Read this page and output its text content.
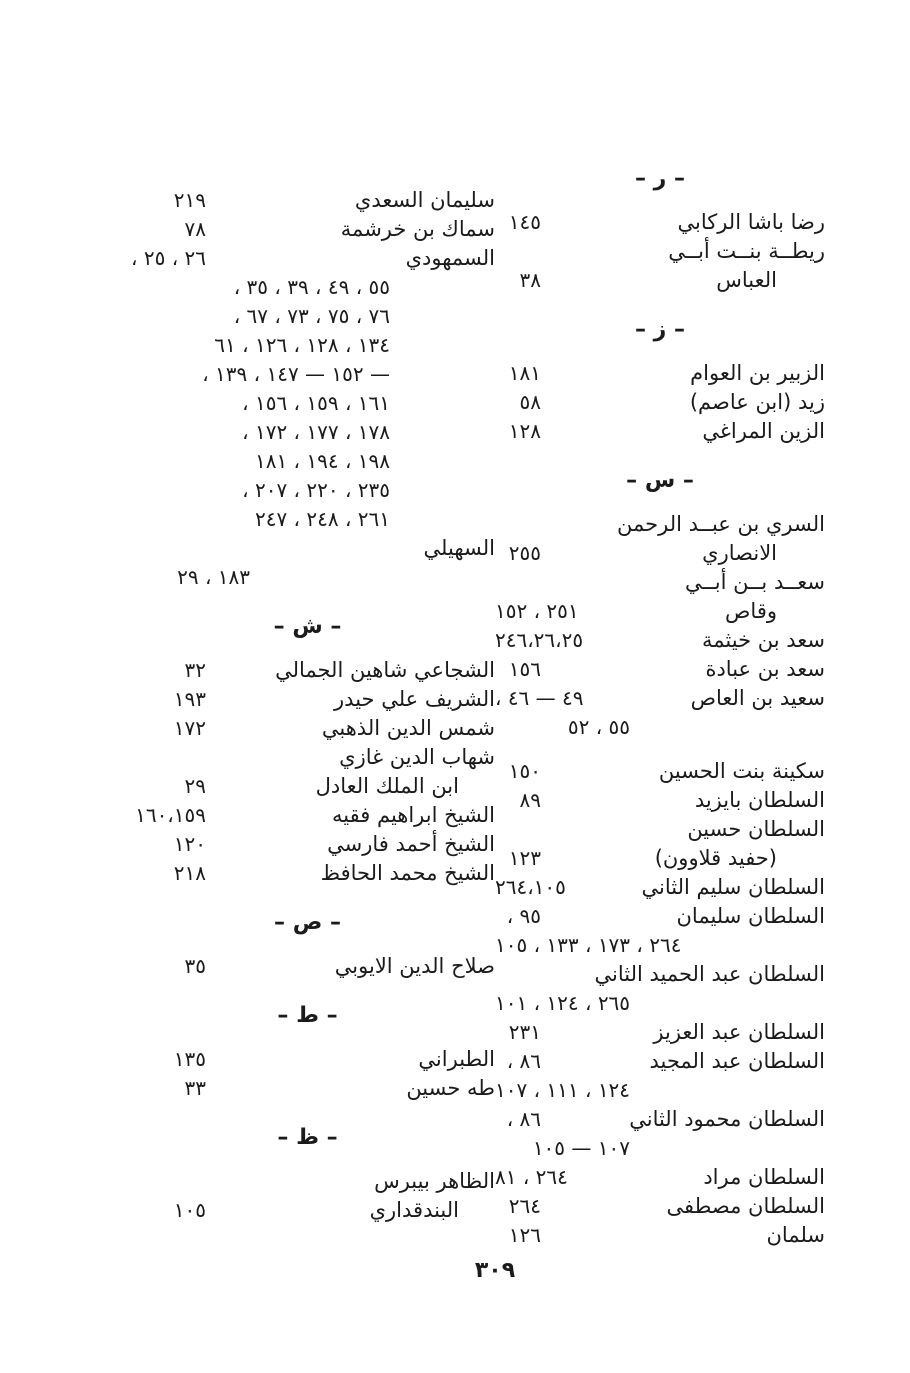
– ر –
رضا باشا الركابي
١٤٥
ريطــة بنــت أبــي
العباس
٣٨
– ز –
الزبير بن العوام
١٨١
زيد (ابن عاصم)
٥٨
الزين المراغي
١٢٨
– س –
السري بن عبــد الرحمن
الانصاري
٢٥٥
سعــد بــن أبــي
وقاص
٢٥١ ، ١٥٢
سعد بن خيثمة
٢٤٦،٢٦،٢٥
سعد بن عبادة
١٥٦
سعيد بن العاص
، ٤٩ — ٤٦
٥٥ ، ٥٢
سكينة بنت الحسين
١٥٠
السلطان بايزيد
٨٩
السلطان حسين
(حفيد قلاوون)
١٢٣
السلطان سليم الثاني
٢٦٤،١٠٥
السلطان سليمان
، ٩٥
٢٦٤ ، ١٧٣ ، ١٣٣ ، ١٠٥
السلطان عبد الحميد الثاني
٢٦٥ ، ١٢٤ ، ١٠١
السلطان عبد العزيز
٢٣١
السلطان عبد المجيد
، ٨٦
١٢٤ ، ١١١ ، ١٠٧
السلطان محمود الثاني
، ٨٦
١٠٧ — ١٠٥
السلطان مراد
٢٦٤ ، ٨١
السلطان مصطفى
٢٦٤
سلمان
١٢٦
سليمان السعدي
٢١٩
سماك بن خرشمة
٧٨
السمهودي
، ٢٦ ، ٢٥
، ٥٥ ، ٤٩ ، ٣٩ ، ٣٥
، ٧٦ ، ٧٥ ، ٧٣ ، ٦٧
١٣٤ ، ١٢٨ ، ١٢٦ ، ٦١
، ١٥٢ — ١٤٧ ، ١٣٩ —
، ١٦١ ، ١٥٩ ، ١٥٦
، ١٧٨ ، ١٧٧ ، ١٧٢
١٩٨ ، ١٩٤ ، ١٨١
، ٢٣٥ ، ٢٢٠ ، ٢٠٧
٢٦١ ، ٢٤٨ ، ٢٤٧
السهيلي
١٨٣ ، ٢٩
– ش –
الشجاعي شاهين الجمالي
٣٢
الشريف علي حيدر
١٩٣
شمس الدين الذهبي
١٧٢
شهاب الدين غازي
ابن الملك العادل
٢٩
الشيخ ابراهيم فقيه
١٦٠،١٥٩
الشيخ أحمد فارسي
١٢٠
الشيخ محمد الحافظ
٢١٨
– ص –
صلاح الدين الايوبي
٣٥
– ط –
الطبراني
١٣٥
طه حسين
٣٣
– ظ –
الظاهر بيبرس
البندقداري
١٠٥
٣٠٩
